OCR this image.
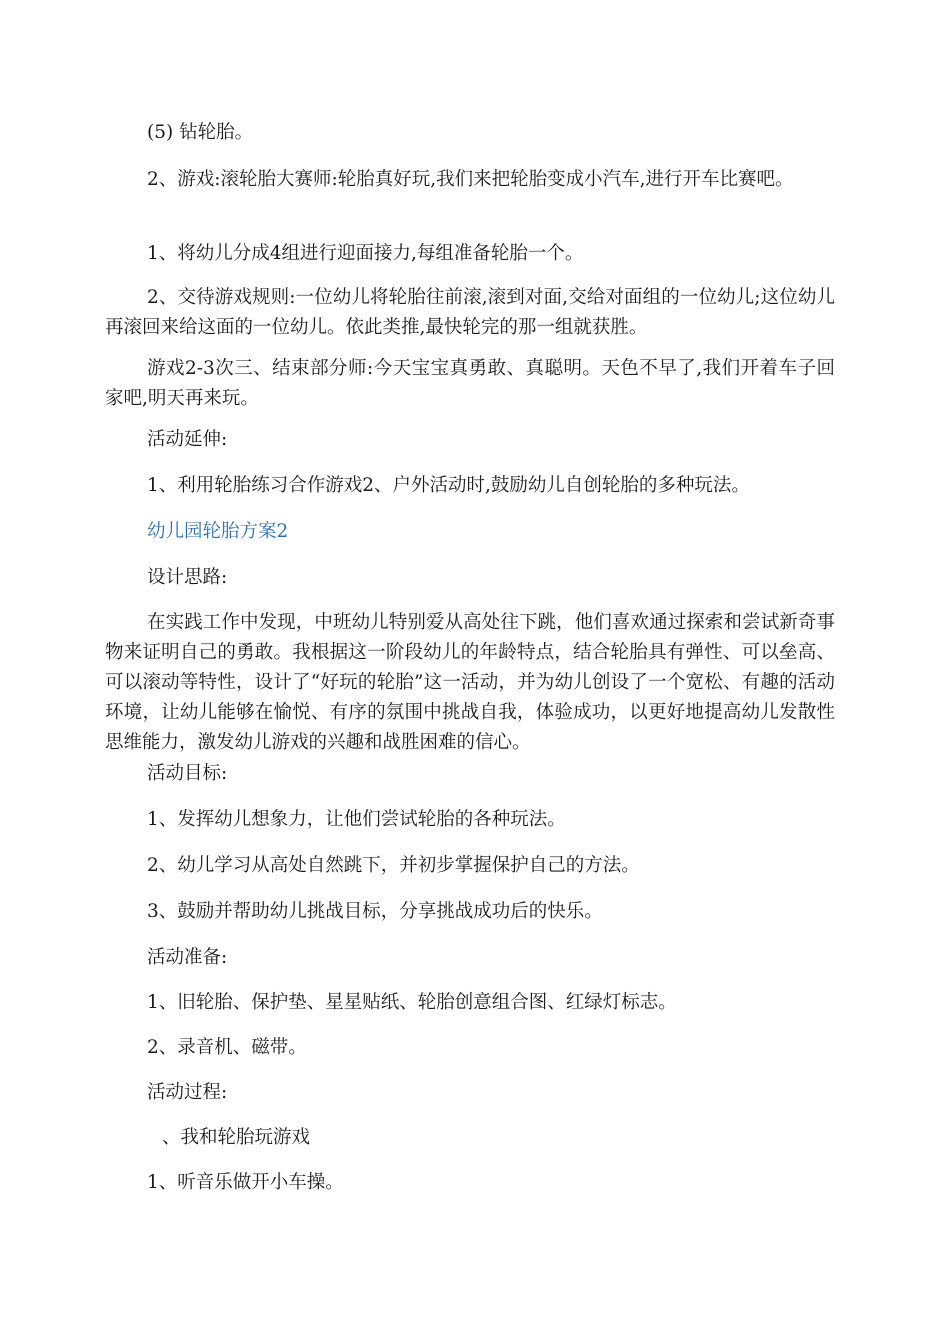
(5) 钻轮胎。

2、游戏:滚轮胎大赛师:轮胎真好玩,我们来把轮胎变成小汽车,进行开车比赛吧。

1、将幼儿分成4组进行迎面接力,每组准备轮胎一个。

2、交待游戏规则:一位幼儿将轮胎往前滚,滚到对面,交给对面组的一位幼儿;这位幼儿再滚回来给这面的一位幼儿。依此类推,最快轮完的那一组就获胜。

游戏2-3次三、结束部分师:今天宝宝真勇敢、真聪明。天色不早了,我们开着车子回家吧,明天再来玩。

活动延伸:

1、利用轮胎练习合作游戏2、户外活动时,鼓励幼儿自创轮胎的多种玩法。

幼儿园轮胎方案2

设计思路:

在实践工作中发现，中班幼儿特别爱从高处往下跳，他们喜欢通过探索和尝试新奇事物来证明自己的勇敢。我根据这一阶段幼儿的年龄特点，结合轮胎具有弹性、可以垒高、可以滚动等特性，设计了“好玩的轮胎”这一活动，并为幼儿创设了一个宽松、有趣的活动环境，让幼儿能够在愉悦、有序的氛围中挑战自我，体验成功，以更好地提高幼儿发散性思维能力，激发幼儿游戏的兴趣和战胜困难的信心。

活动目标:

1、发挥幼儿想象力，让他们尝试轮胎的各种玩法。

2、幼儿学习从高处自然跳下，并初步掌握保护自己的方法。

3、鼓励并帮助幼儿挑战目标，分享挑战成功后的快乐。

活动准备:

1、旧轮胎、保护垫、星星贴纸、轮胎创意组合图、红绿灯标志。

2、录音机、磁带。

活动过程:

、我和轮胎玩游戏

1、听音乐做开小车操。
